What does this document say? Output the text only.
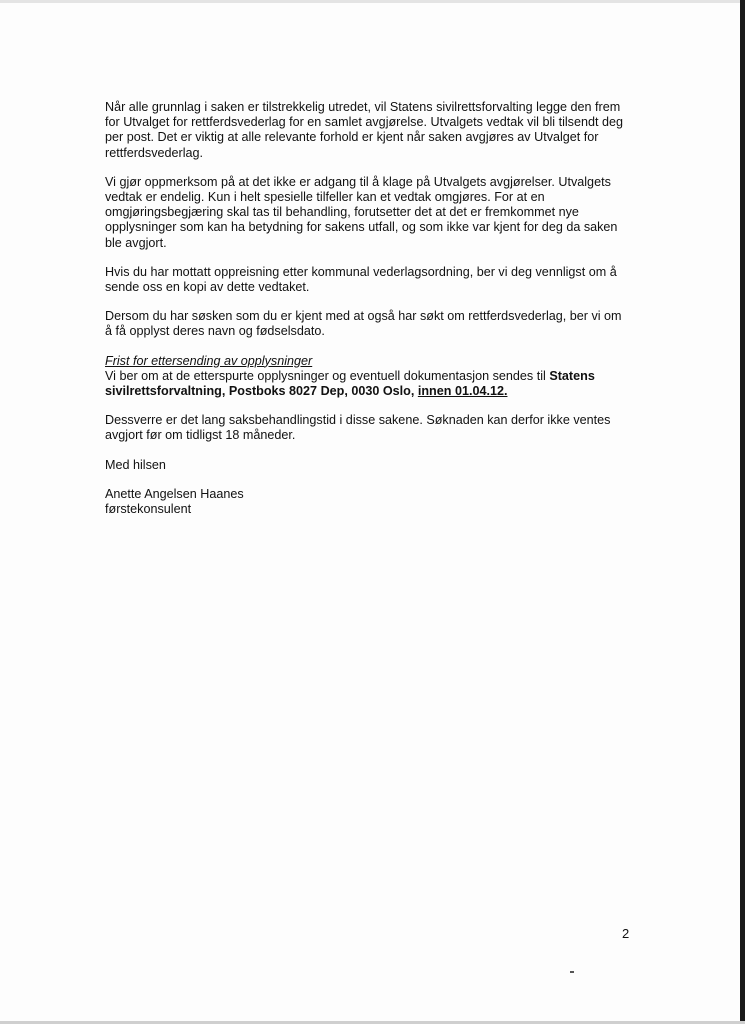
Når alle grunnlag i saken er tilstrekkelig utredet, vil Statens sivilrettsforvalting legge den frem
for Utvalget for rettferdsvederlag for en samlet avgjørelse. Utvalgets vedtak vil bli tilsendt deg
per post. Det er viktig at alle relevante forhold er kjent når saken avgjøres av Utvalget for
rettferdsvederlag.

Vi gjør oppmerksom på at det ikke er adgang til å klage på Utvalgets avgjørelser. Utvalgets
vedtak er endelig. Kun i helt spesielle tilfeller kan et vedtak omgjøres. For at en
omgjøringsbegjæring skal tas til behandling, forutsetter det at det er fremkommet nye
opplysninger som kan ha betydning for sakens utfall, og som ikke var kjent for deg da saken
ble avgjort.

Hvis du har mottatt oppreisning etter kommunal vederlagsordning, ber vi deg vennligst om å
sende oss en kopi av dette vedtaket.

Dersom du har søsken som du er kjent med at også har søkt om rettferdsvederlag, ber vi om
å få opplyst deres navn og fødselsdato.

Frist for ettersending av opplysninger
Vi ber om at de etterspurte opplysninger og eventuell dokumentasjon sendes til Statens
sivilrettsforvaltning, Postboks 8027 Dep, 0030 Oslo, innen 01.04.12.

Dessverre er det lang saksbehandlingstid i disse sakene. Søknaden kan derfor ikke ventes
avgjort før om tidligst 18 måneder.

Med hilsen

Anette Angelsen Haanes
førstekonsulent

2
